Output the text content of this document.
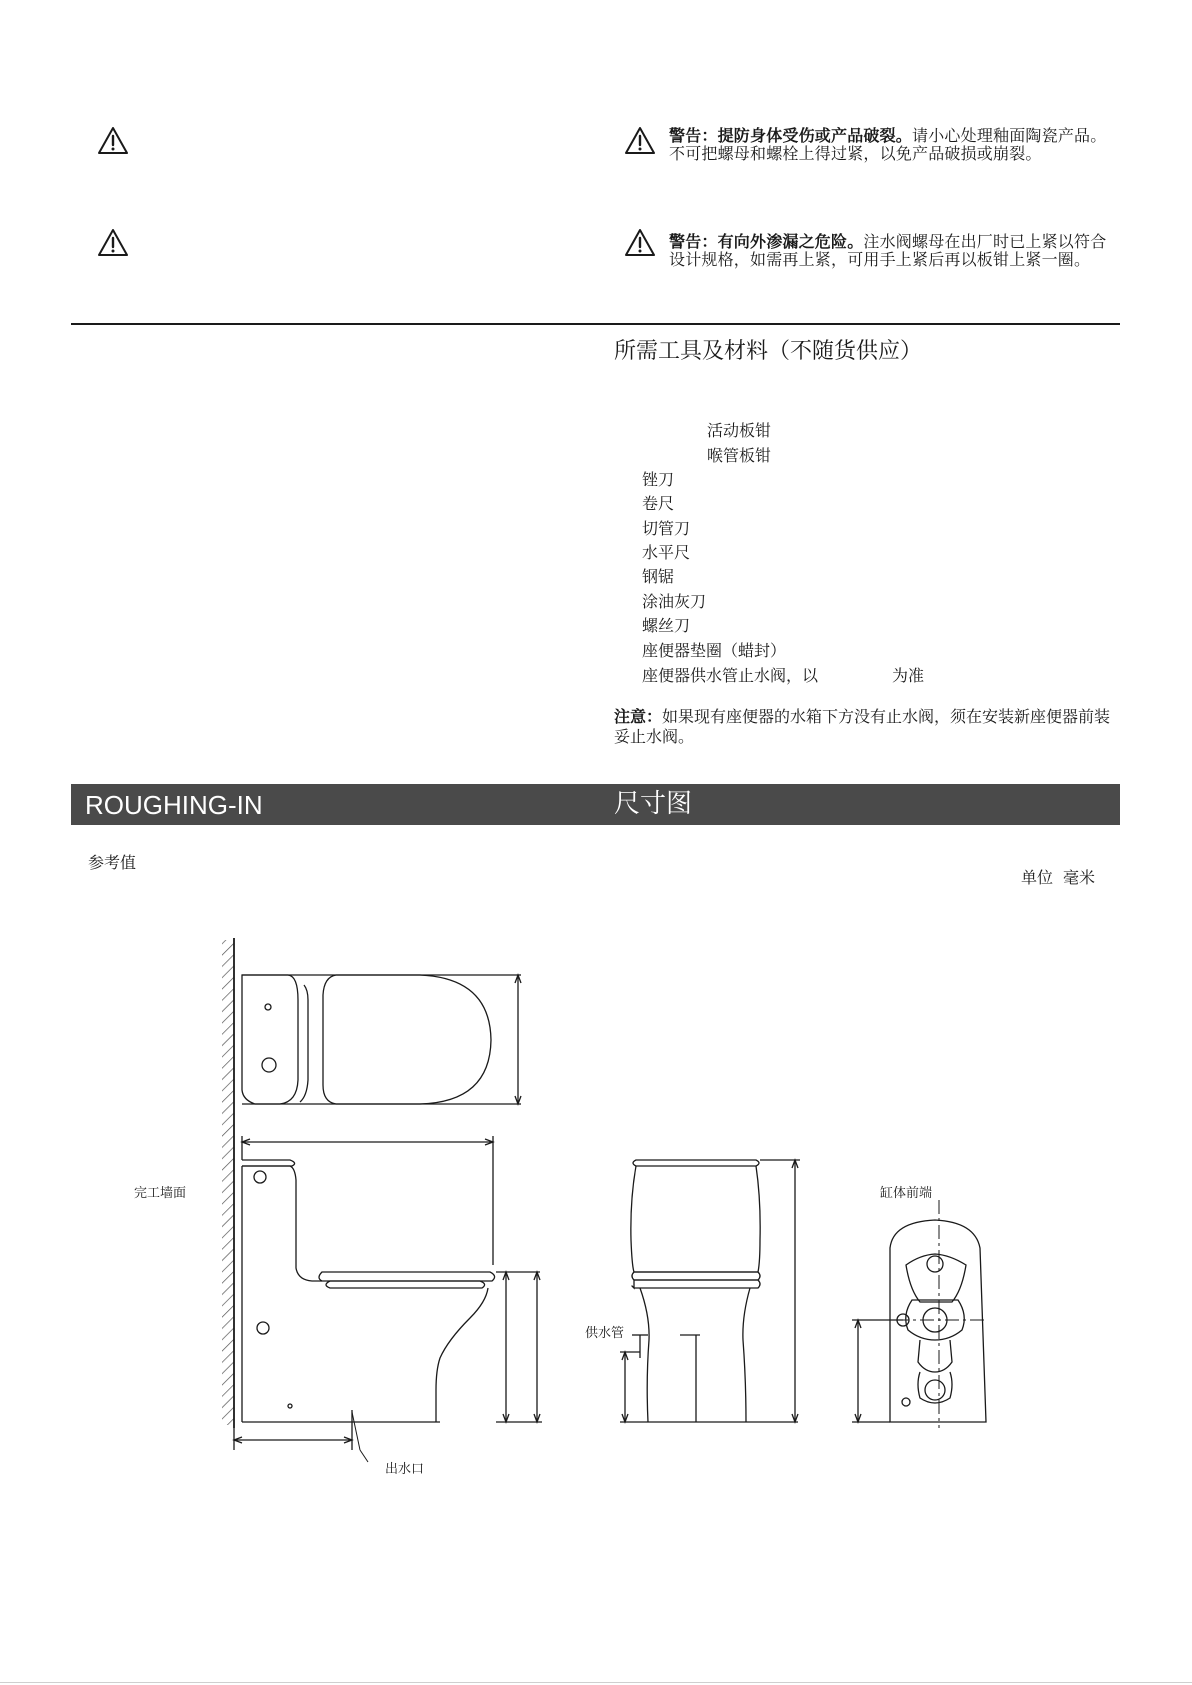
警告：提防身体受伤或产品破裂。请小心处理釉面陶瓷产品。不可把螺母和螺栓上得过紧，以免产品破损或崩裂。
警告：有向外渗漏之危险。注水阀螺母在出厂时已上紧以符合设计规格，如需再上紧，可用手上紧后再以板钳上紧一圈。
所需工具及材料（不随货供应）
活动板钳
喉管板钳
锉刀
卷尺
切管刀
水平尺
钢锯
涂油灰刀
螺丝刀
座便器垫圈（蜡封）
座便器供水管止水阀，以	为准
注意：如果现有座便器的水箱下方没有止水阀，须在安装新座便器前装妥止水阀。
ROUGHING-IN	尺寸图
参考值
单位 毫米
完工墙面
出水口
供水管
缸体前端
